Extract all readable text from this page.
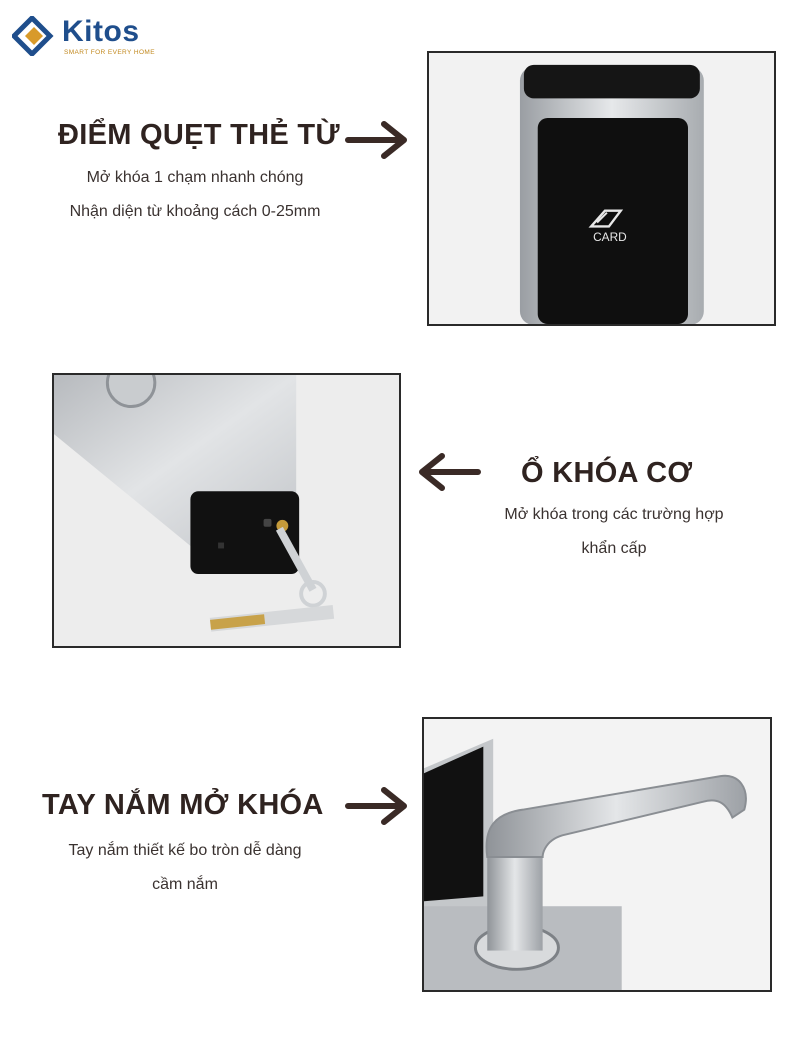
Kitos
SMART FOR EVERY HOME
ĐIỂM QUẸT THẺ TỪ
Mở khóa 1 chạm nhanh chóng
Nhận diện từ khoảng cách 0-25mm
CARD
Ổ KHÓA CƠ
Mở khóa trong các trường hợp
khẩn cấp
TAY NẮM MỞ KHÓA
Tay nắm thiết kế bo tròn dễ dàng
cầm nắm
